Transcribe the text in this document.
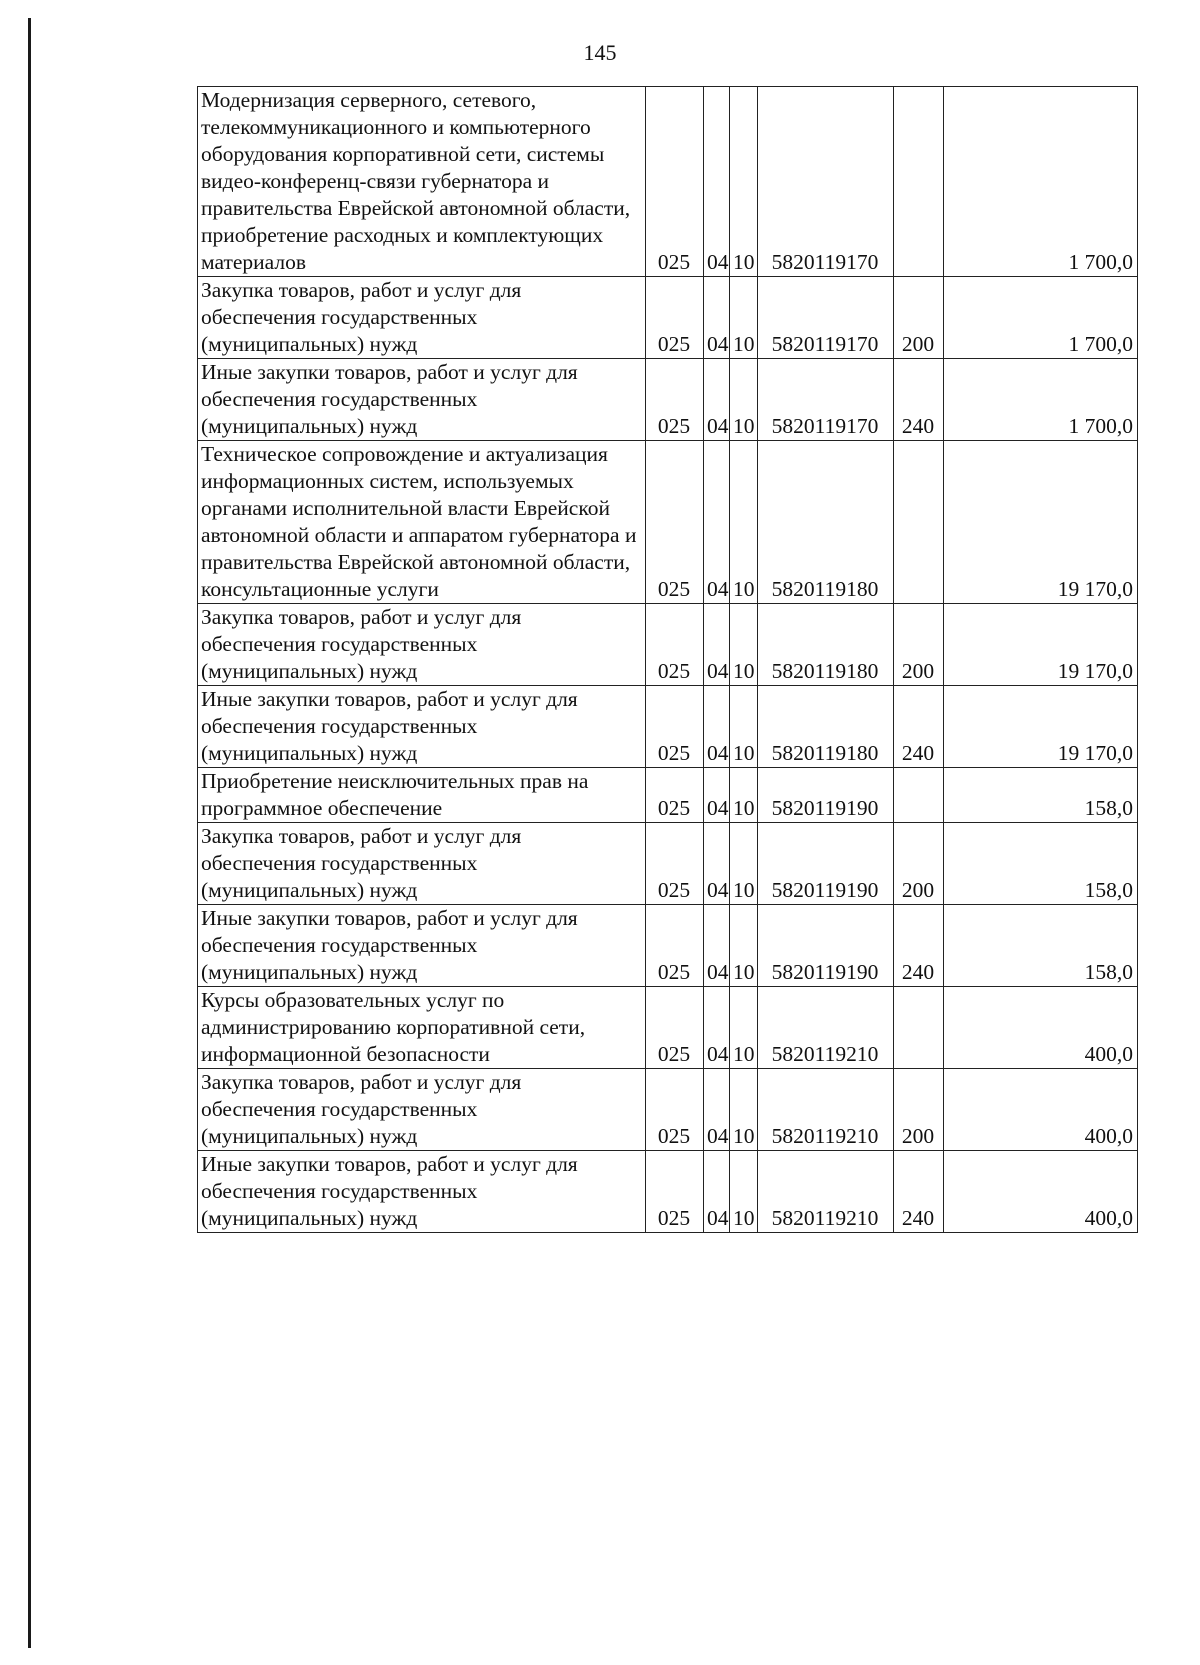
145
Модернизация серверного, сетевого, телекоммуникационного и компьютерного оборудования корпоративной сети, системы видео-конференц-связи губернатора и правительства Еврейской автономной области, приобретение расходных и комплектующих материалов	025	04	10	5820119170		1 700,0
Закупка товаров, работ и услуг для обеспечения государственных (муниципальных) нужд	025	04	10	5820119170	200	1 700,0
Иные закупки товаров, работ и услуг для обеспечения государственных (муниципальных) нужд	025	04	10	5820119170	240	1 700,0
Техническое сопровождение и актуализация информационных систем, используемых органами исполнительной власти Еврейской автономной области и аппаратом губернатора и правительства Еврейской автономной области, консультационные услуги	025	04	10	5820119180		19 170,0
Закупка товаров, работ и услуг для обеспечения государственных (муниципальных) нужд	025	04	10	5820119180	200	19 170,0
Иные закупки товаров, работ и услуг для обеспечения государственных (муниципальных) нужд	025	04	10	5820119180	240	19 170,0
Приобретение неисключительных прав на программное обеспечение	025	04	10	5820119190		158,0
Закупка товаров, работ и услуг для обеспечения государственных (муниципальных) нужд	025	04	10	5820119190	200	158,0
Иные закупки товаров, работ и услуг для обеспечения государственных (муниципальных) нужд	025	04	10	5820119190	240	158,0
Курсы образовательных услуг по администрированию корпоративной сети, информационной безопасности	025	04	10	5820119210		400,0
Закупка товаров, работ и услуг для обеспечения государственных (муниципальных) нужд	025	04	10	5820119210	200	400,0
Иные закупки товаров, работ и услуг для обеспечения государственных (муниципальных) нужд	025	04	10	5820119210	240	400,0
